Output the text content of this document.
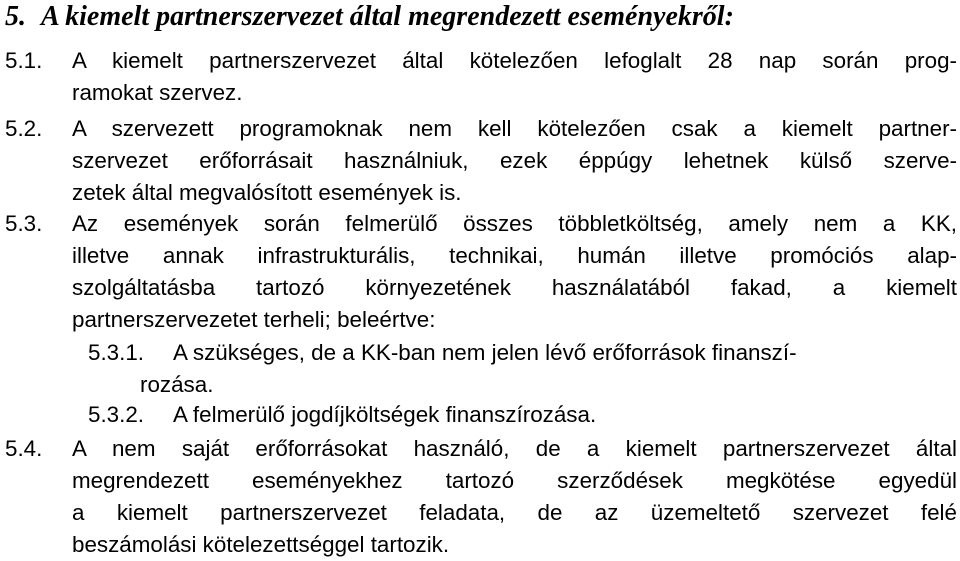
5. A kiemelt partnerszervezet által megrendezett eseményekről:
5.1. A kiemelt partnerszervezet által kötelezően lefoglalt 28 nap során prog-
ramokat szervez.
5.2. A szervezett programoknak nem kell kötelezően csak a kiemelt partner-
szervezet erőforrásait használniuk, ezek éppúgy lehetnek külső szerve-
zetek által megvalósított események is.
5.3. Az események során felmerülő összes többletköltség, amely nem a KK,
illetve annak infrastrukturális, technikai, humán illetve promóciós alap-
szolgáltatásba tartozó környezetének használatából fakad, a kiemelt
partnerszervezetet terheli; beleértve:
5.3.1. A szükséges, de a KK-ban nem jelen lévő erőforrások finanszí-
rozása.
5.3.2. A felmerülő jogdíjköltségek finanszírozása.
5.4. A nem saját erőforrásokat használó, de a kiemelt partnerszervezet által
megrendezett eseményekhez tartozó szerződések megkötése egyedül
a kiemelt partnerszervezet feladata, de az üzemeltető szervezet felé
beszámolási kötelezettséggel tartozik.
